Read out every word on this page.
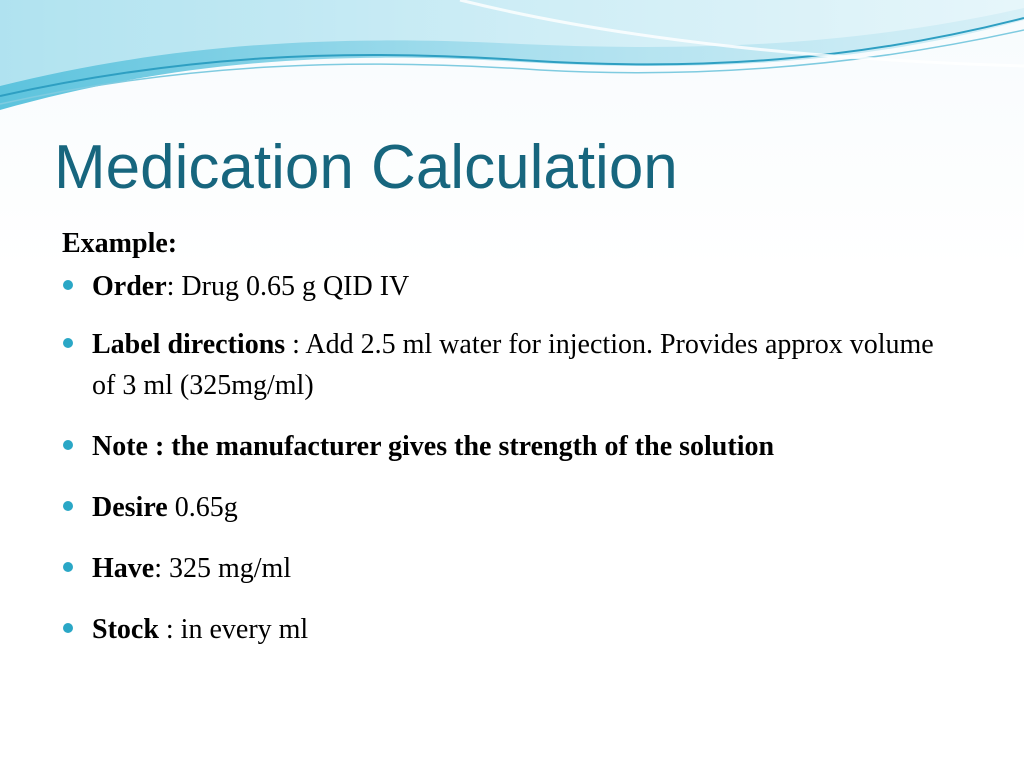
Medication Calculation

Example:

Order: Drug 0.65 g QID IV
Label directions : Add 2.5 ml water for injection. Provides approx volume of 3 ml (325mg/ml)
Note : the manufacturer gives the strength of the solution
Desire 0.65g
Have: 325 mg/ml
Stock : in every ml
